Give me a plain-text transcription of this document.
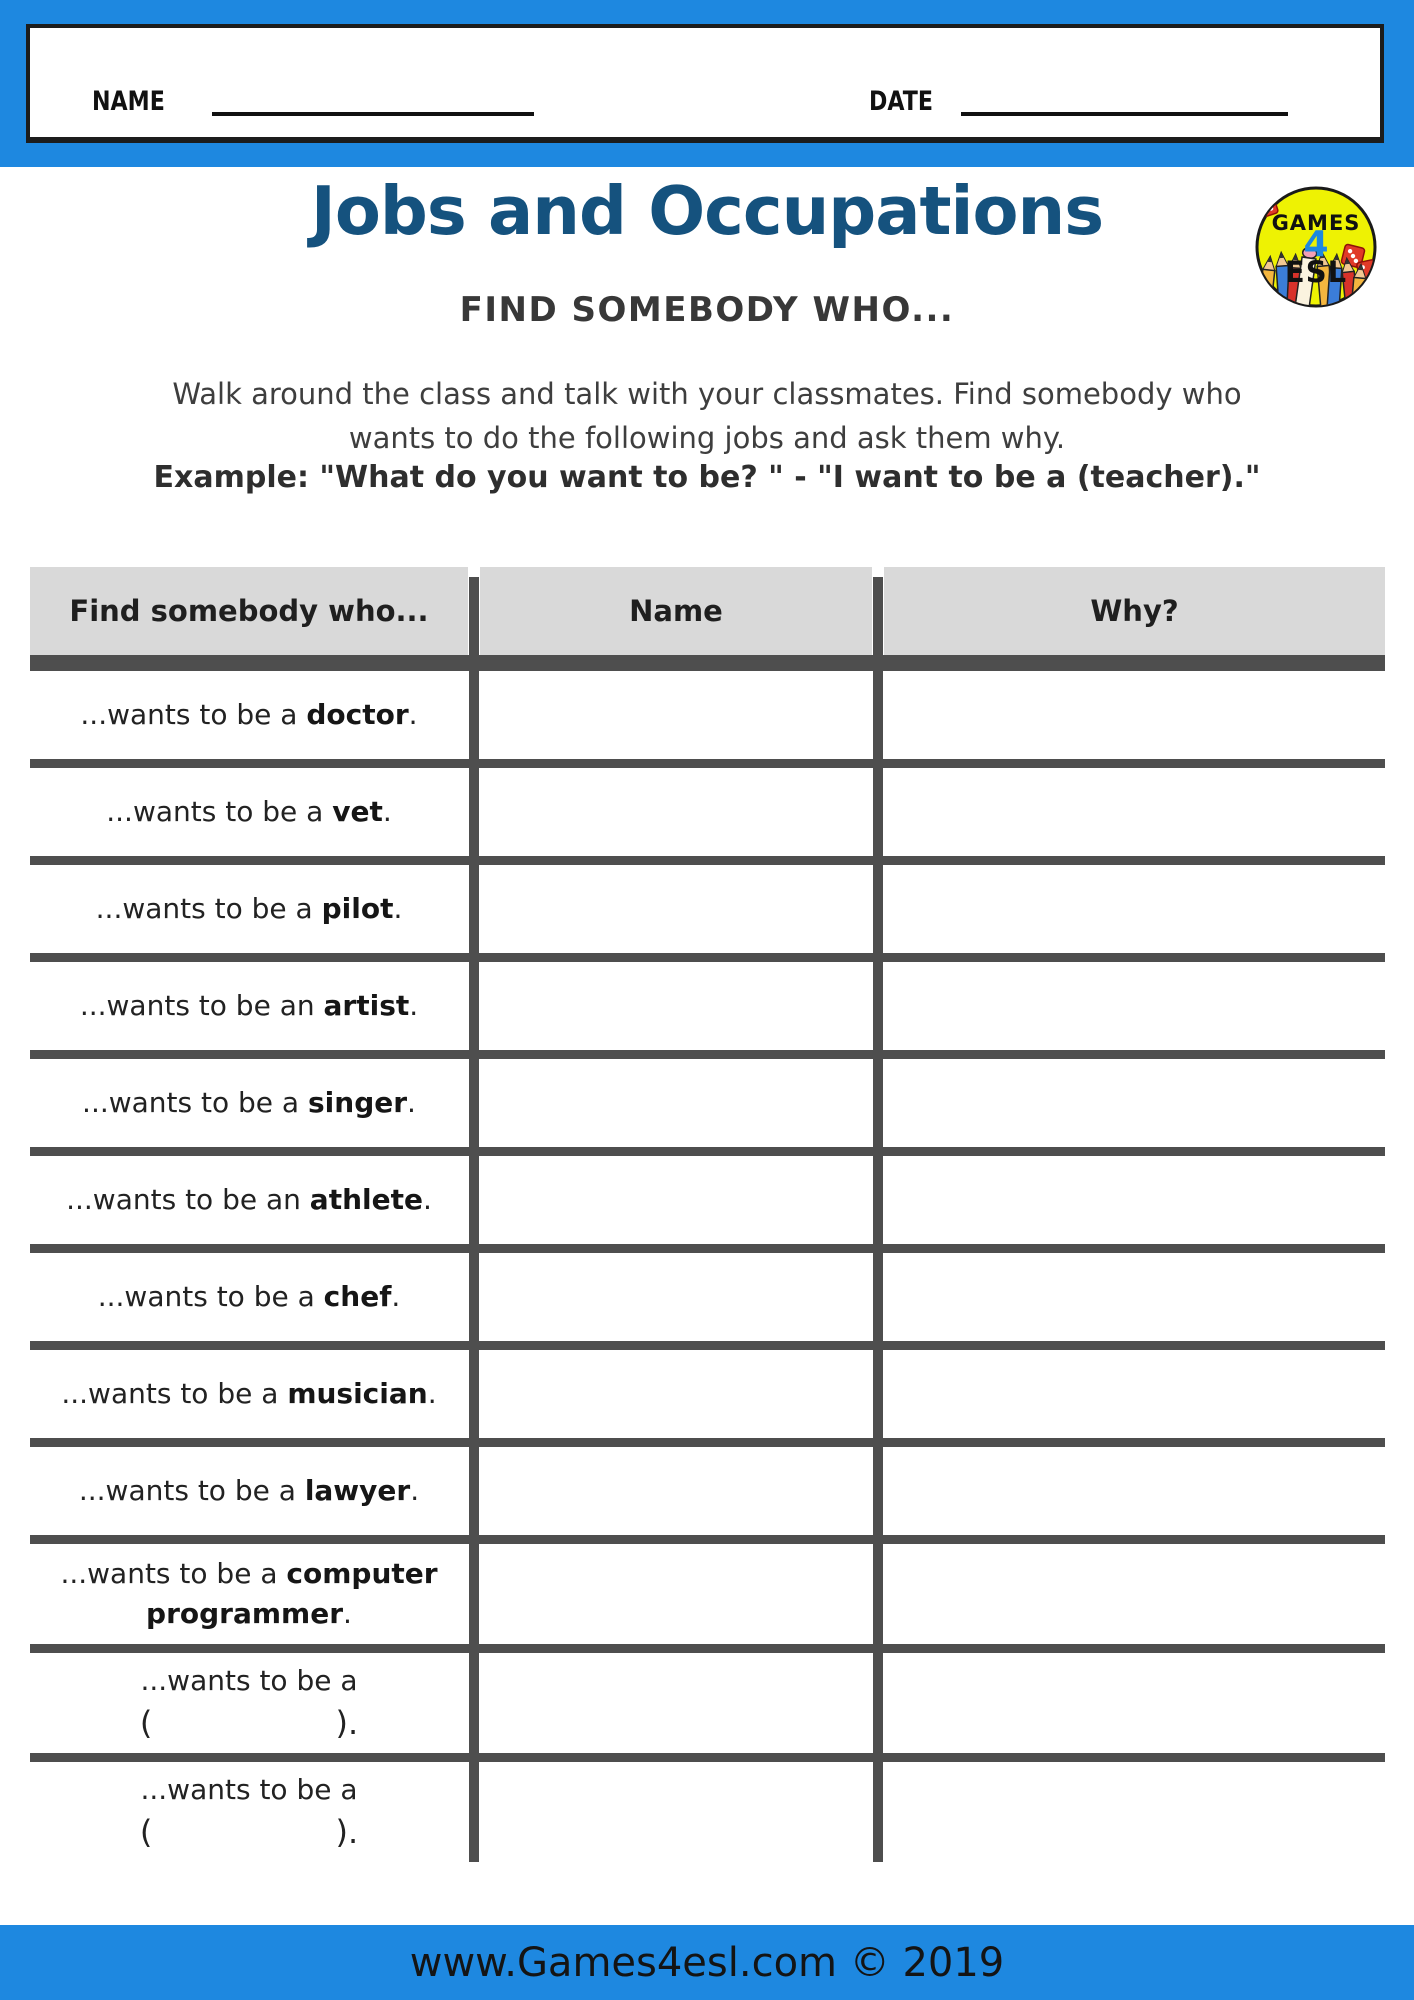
NAME	DATE
Jobs and Occupations	GAMES
4
ESL
FIND SOMEBODY WHO...
Walk around the class and talk with your classmates. Find somebody who
wants to do the following jobs and ask them why.
Example: "What do you want to be? " - "I want to be a (teacher)."
Find somebody who...	Name	Why?
...wants to be a doctor.
...wants to be a vet.
...wants to be a pilot.
...wants to be an artist.
...wants to be a singer.
...wants to be an athlete.
...wants to be a chef.
...wants to be a musician.
...wants to be a lawyer.
...wants to be a computer programmer.
...wants to be a
(                  ).
...wants to be a
(                  ).
www.Games4esl.com © 2019
